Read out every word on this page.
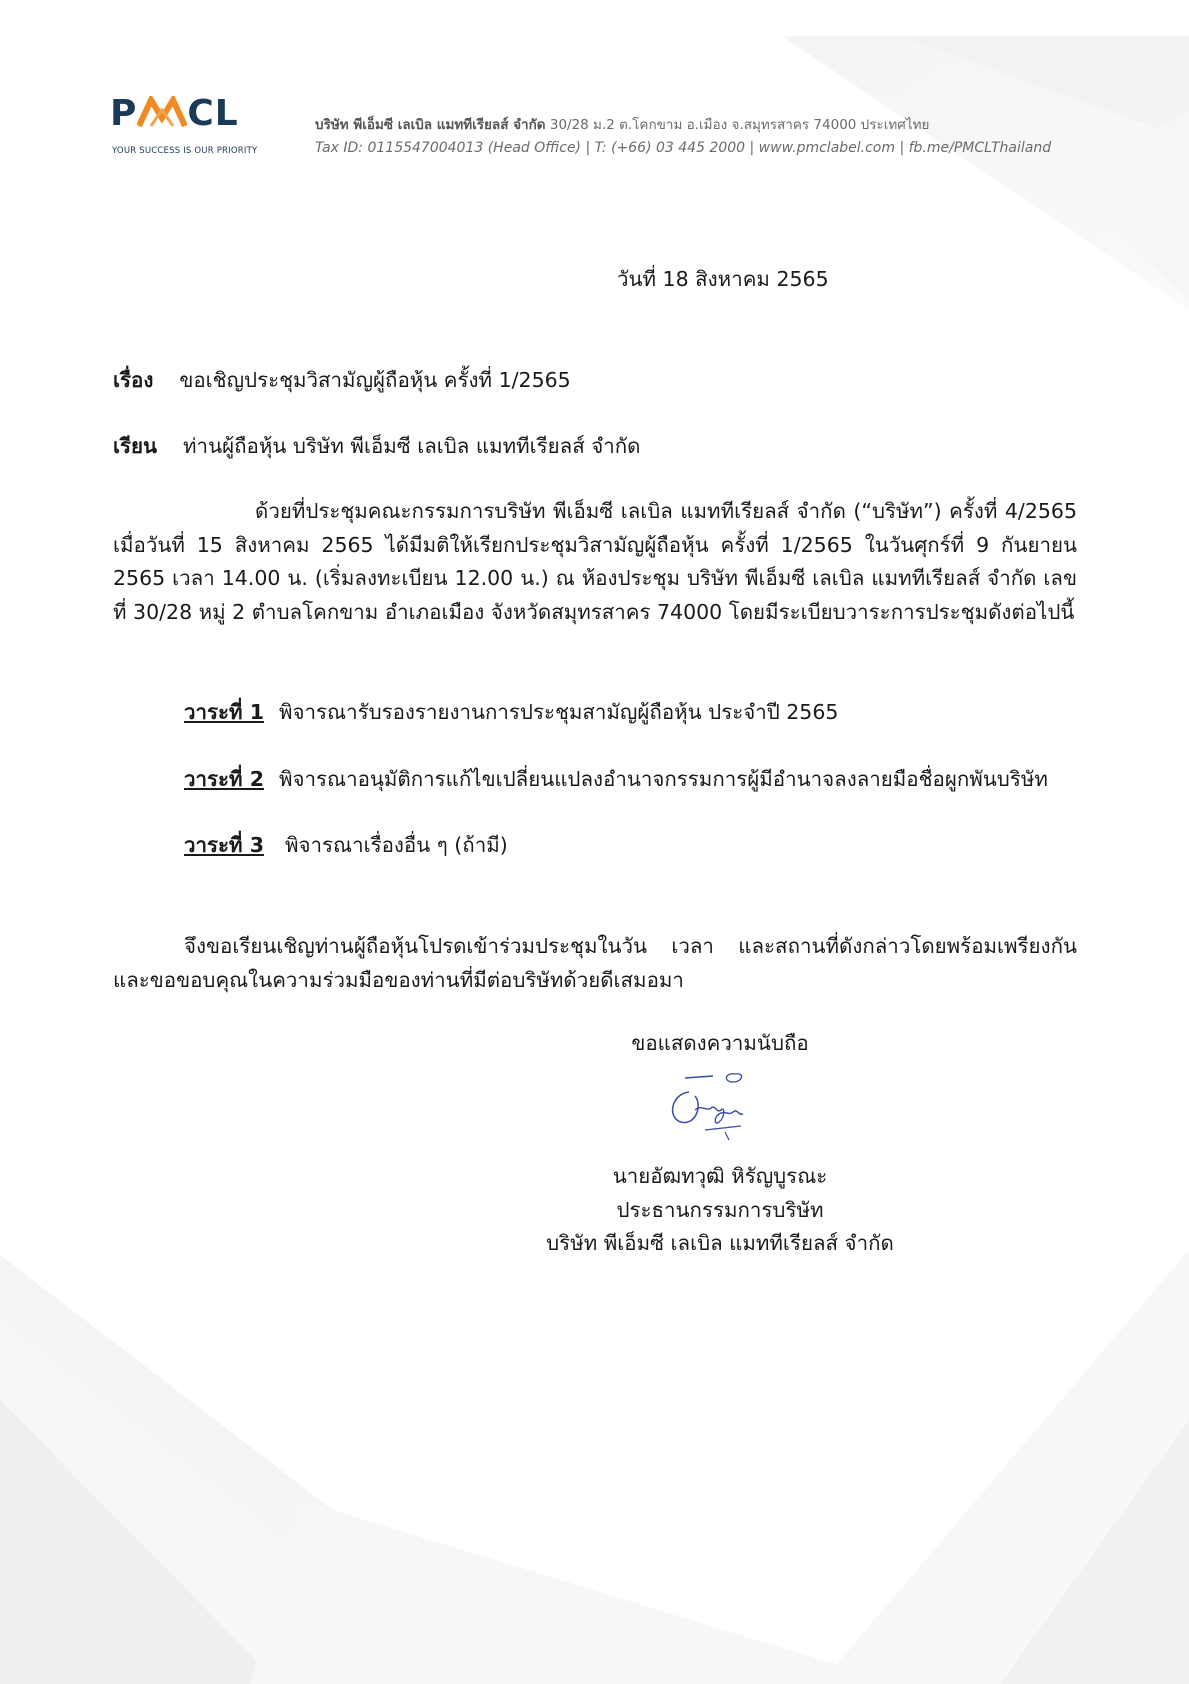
P CL
YOUR SUCCESS IS OUR PRIORITY
บริษัท พีเอ็มซี เลเบิล แมททีเรียลส์ จำกัด 30/28 ม.2 ต.โคกขาม อ.เมือง จ.สมุทรสาคร 74000 ประเทศไทย
Tax ID: 0115547004013 (Head Office) | T: (+66) 03 445 2000 | www.pmclabel.com | fb.me/PMCLThailand
วันที่ 18 สิงหาคม 2565
เรื่อง ขอเชิญประชุมวิสามัญผู้ถือหุ้น ครั้งที่ 1/2565
เรียน ท่านผู้ถือหุ้น บริษัท พีเอ็มซี เลเบิล แมททีเรียลส์ จำกัด
ด้วยที่ประชุมคณะกรรมการบริษัท พีเอ็มซี เลเบิล แมททีเรียลส์ จำกัด (“บริษัท”) ครั้งที่ 4/2565 เมื่อวันที่ 15 สิงหาคม 2565 ได้มีมติให้เรียกประชุมวิสามัญผู้ถือหุ้น ครั้งที่ 1/2565 ในวันศุกร์ที่ 9 กันยายน 2565 เวลา 14.00 น. (เริ่มลงทะเบียน 12.00 น.) ณ ห้องประชุม บริษัท พีเอ็มซี เลเบิล แมททีเรียลส์ จำกัด เลขที่ 30/28 หมู่ 2 ตำบลโคกขาม อำเภอเมือง จังหวัดสมุทรสาคร 74000 โดยมีระเบียบวาระการประชุมดังต่อไปนี้
วาระที่ 1 พิจารณารับรองรายงานการประชุมสามัญผู้ถือหุ้น ประจำปี 2565
วาระที่ 2 พิจารณาอนุมัติการแก้ไขเปลี่ยนแปลงอำนาจกรรมการผู้มีอำนาจลงลายมือชื่อผูกพันบริษัท
วาระที่ 3 พิจารณาเรื่องอื่น ๆ (ถ้ามี)
จึงขอเรียนเชิญท่านผู้ถือหุ้นโปรดเข้าร่วมประชุมในวัน เวลา และสถานที่ดังกล่าวโดยพร้อมเพรียงกัน และขอขอบคุณในความร่วมมือของท่านที่มีต่อบริษัทด้วยดีเสมอมา
ขอแสดงความนับถือ
นายอัฒทวุฒิ หิรัญบูรณะ
ประธานกรรมการบริษัท
บริษัท พีเอ็มซี เลเบิล แมททีเรียลส์ จำกัด
